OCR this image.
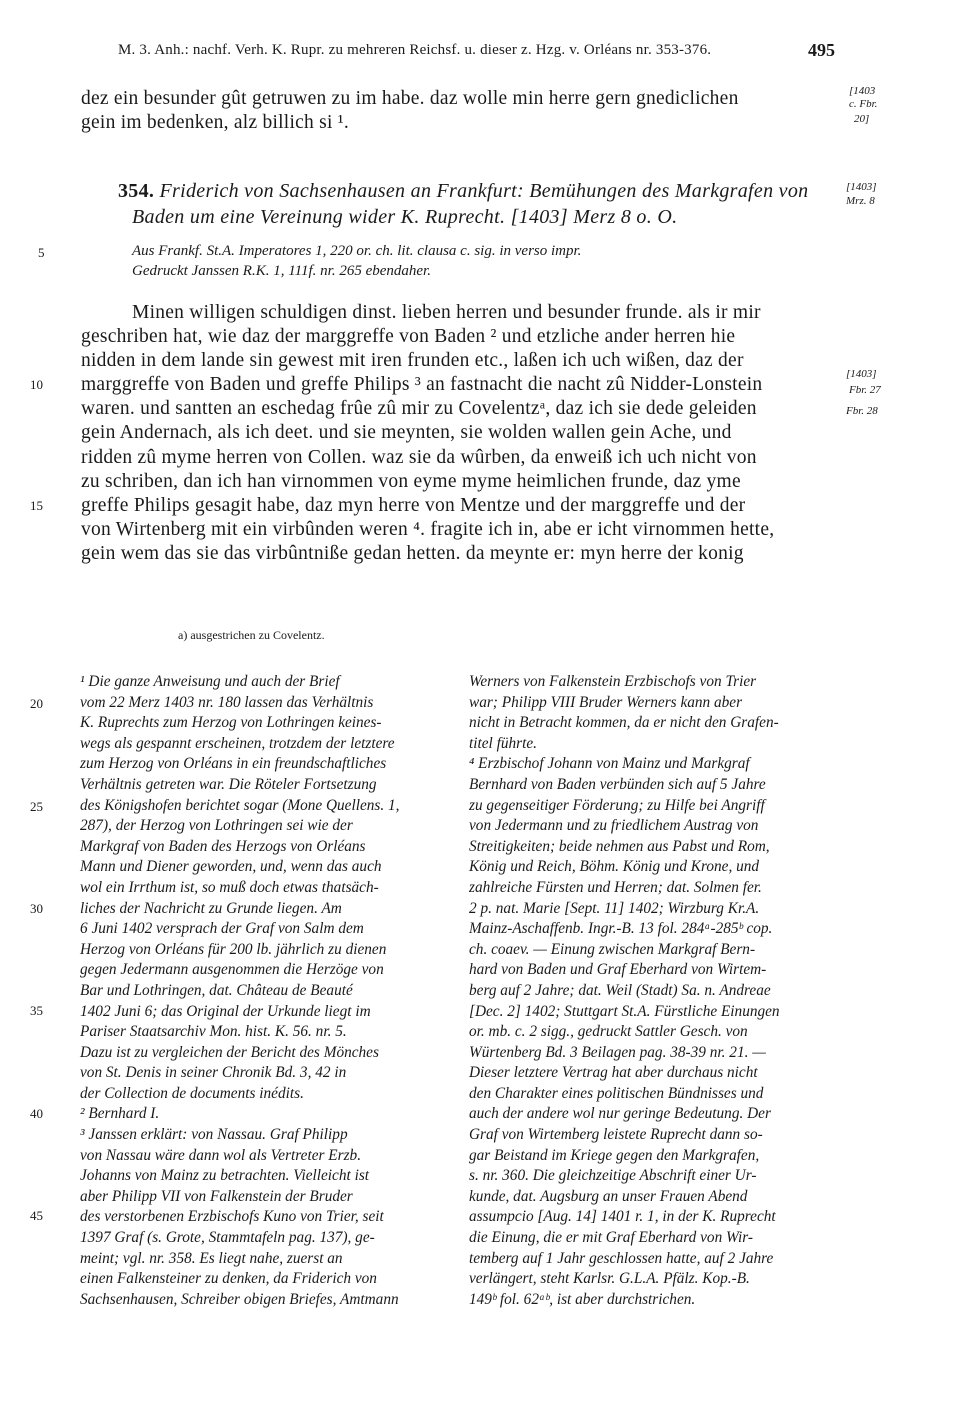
M. 3. Anh.: nachf. Verh. K. Rupr. zu mehreren Reichsf. u. dieser z. Hzg. v. Orléans nr. 353-376.	495
dez ein besunder gût getruwen zu im habe. daz wolle min herre gern gnediclichen
gein im bedenken, alz billich si ¹.
[1403
c. Fbr.
20]
354. Friderich von Sachsenhausen an Frankfurt: Bemühungen des Markgrafen von
Baden um eine Vereinung wider K. Ruprecht. [1403] Merz 8 o. O.
[1403]
Mrz. 8
Aus Frankf. St.A. Imperatores 1, 220 or. ch. lit. clausa c. sig. in verso impr.
Gedruckt Janssen R.K. 1, 111f. nr. 265 ebendaher.
Minen willigen schuldigen dinst. lieben herren und besunder frunde. als ir mir
geschriben hat, wie daz der marggreffe von Baden ² und etzliche ander herren hie
nidden in dem lande sin gewest mit iren frunden etc., laßen ich uch wißen, daz der
marggreffe von Baden und greffe Philips ³ an fastnacht die nacht zû Nidder-Lonstein
waren. und santten an eschedag frûe zû mir zu Covelentzᵃ, daz ich sie dede geleiden
gein Andernach, als ich deet. und sie meynten, sie wolden wallen gein Ache, und
ridden zû myme herren von Collen. waz sie da wûrben, da enweiß ich uch nicht von
zu schriben, dan ich han virnommen von eyme myme heimlichen frunde, daz yme
greffe Philips gesagit habe, daz myn herre von Mentze und der marggreffe und der
von Wirtenberg mit ein virbûnden weren ⁴. fragite ich in, abe er icht virnommen hette,
gein wem das sie das virbûntniße gedan hetten. da meynte er: myn herre der konig
[1403]
Fbr. 27
Fbr. 28
5
10
15
20
25
30
35
40
45
a) ausgestrichen zu Covelentz.
¹ Die ganze Anweisung und auch der Brief
vom 22 Merz 1403 nr. 180 lassen das Verhältnis
K. Ruprechts zum Herzog von Lothringen keines-
wegs als gespannt erscheinen, trotzdem der letztere
zum Herzog von Orléans in ein freundschaftliches
Verhältnis getreten war. Die Röteler Fortsetzung
des Königshofen berichtet sogar (Mone Quellens. 1,
287), der Herzog von Lothringen sei wie der
Markgraf von Baden des Herzogs von Orléans
Mann und Diener geworden, und, wenn das auch
wol ein Irrthum ist, so muß doch etwas thatsäch-
liches der Nachricht zu Grunde liegen. Am
6 Juni 1402 versprach der Graf von Salm dem
Herzog von Orléans für 200 lb. jährlich zu dienen
gegen Jedermann ausgenommen die Herzöge von
Bar und Lothringen, dat. Château de Beauté
1402 Juni 6; das Original der Urkunde liegt im
Pariser Staatsarchiv Mon. hist. K. 56. nr. 5.
Dazu ist zu vergleichen der Bericht des Mönches
von St. Denis in seiner Chronik Bd. 3, 42 in
der Collection de documents inédits.
² Bernhard I.
³ Janssen erklärt: von Nassau. Graf Philipp
von Nassau wäre dann wol als Vertreter Erzb.
Johanns von Mainz zu betrachten. Vielleicht ist
aber Philipp VII von Falkenstein der Bruder
des verstorbenen Erzbischofs Kuno von Trier, seit
1397 Graf (s. Grote, Stammtafeln pag. 137), ge-
meint; vgl. nr. 358. Es liegt nahe, zuerst an
einen Falkensteiner zu denken, da Friderich von
Sachsenhausen, Schreiber obigen Briefes, Amtmann
Werners von Falkenstein Erzbischofs von Trier
war; Philipp VIII Bruder Werners kann aber
nicht in Betracht kommen, da er nicht den Grafen-
titel führte.
⁴ Erzbischof Johann von Mainz und Markgraf
Bernhard von Baden verbünden sich auf 5 Jahre
zu gegenseitiger Förderung; zu Hilfe bei Angriff
von Jedermann und zu friedlichem Austrag von
Streitigkeiten; beide nehmen aus Pabst und Rom,
König und Reich, Böhm. König und Krone, und
zahlreiche Fürsten und Herren; dat. Solmen fer.
2 p. nat. Marie [Sept. 11] 1402; Wirzburg Kr.A.
Mainz-Aschaffenb. Ingr.-B. 13 fol. 284ᵃ-285ᵇ cop.
ch. coaev. — Einung zwischen Markgraf Bern-
hard von Baden und Graf Eberhard von Wirtem-
berg auf 2 Jahre; dat. Weil (Stadt) Sa. n. Andreae
[Dec. 2] 1402; Stuttgart St.A. Fürstliche Einungen
or. mb. c. 2 sigg., gedruckt Sattler Gesch. von
Würtenberg Bd. 3 Beilagen pag. 38-39 nr. 21. —
Dieser letztere Vertrag hat aber durchaus nicht
den Charakter eines politischen Bündnisses und
auch der andere wol nur geringe Bedeutung. Der
Graf von Wirtemberg leistete Ruprecht dann so-
gar Beistand im Kriege gegen den Markgrafen,
s. nr. 360. Die gleichzeitige Abschrift einer Ur-
kunde, dat. Augsburg an unser Frauen Abend
assumpcio [Aug. 14] 1401 r. 1, in der K. Ruprecht
die Einung, die er mit Graf Eberhard von Wir-
temberg auf 1 Jahr geschlossen hatte, auf 2 Jahre
verlängert, steht Karlsr. G.L.A. Pfälz. Kop.-B.
149ᵇ fol. 62ᵃᵇ, ist aber durchstrichen.
